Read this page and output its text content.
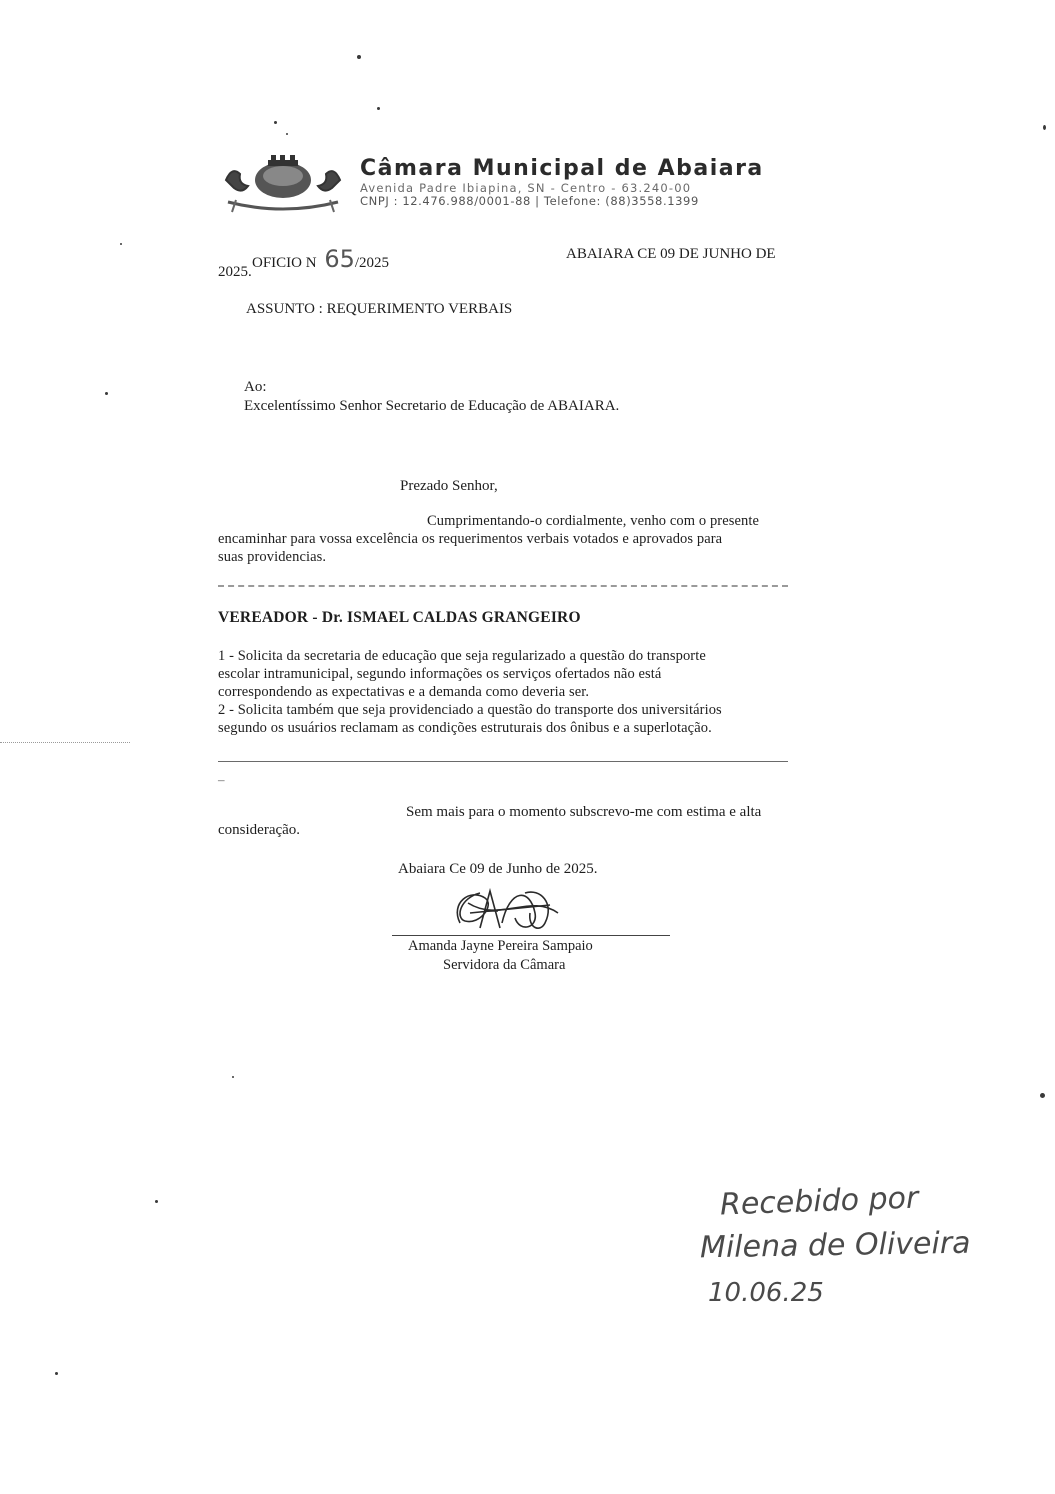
Câmara Municipal de Abaiara
Avenida Padre Ibiapina, SN - Centro - 63.240-00
CNPJ : 12.476.988/0001-88 | Telefone: (88)3558.1399
OFICIO N 65/2025
ABAIARA CE 09 DE JUNHO DE
2025.
ASSUNTO : REQUERIMENTO VERBAIS
Ao:
Excelentíssimo Senhor Secretario de Educação de ABAIARA.
Prezado Senhor,
Cumprimentando-o cordialmente, venho com o presente
encaminhar para vossa excelência os requerimentos verbais votados e aprovados para
suas providencias.
VEREADOR - Dr. ISMAEL CALDAS GRANGEIRO
1 - Solicita da secretaria de educação que seja regularizado a questão do transporte
escolar intramunicipal, segundo informações os serviços ofertados não está
correspondendo as expectativas e a demanda como deveria ser.
2 - Solicita também que seja providenciado a questão do transporte dos universitários
segundo os usuários reclamam as condições estruturais dos ônibus e a superlotação.
–
Sem mais para o momento subscrevo-me com estima e alta
consideração.
Abaiara Ce 09 de Junho de 2025.
Amanda Jayne Pereira Sampaio
Servidora da Câmara
Recebido por
Milena de Oliveira
10.06.25
